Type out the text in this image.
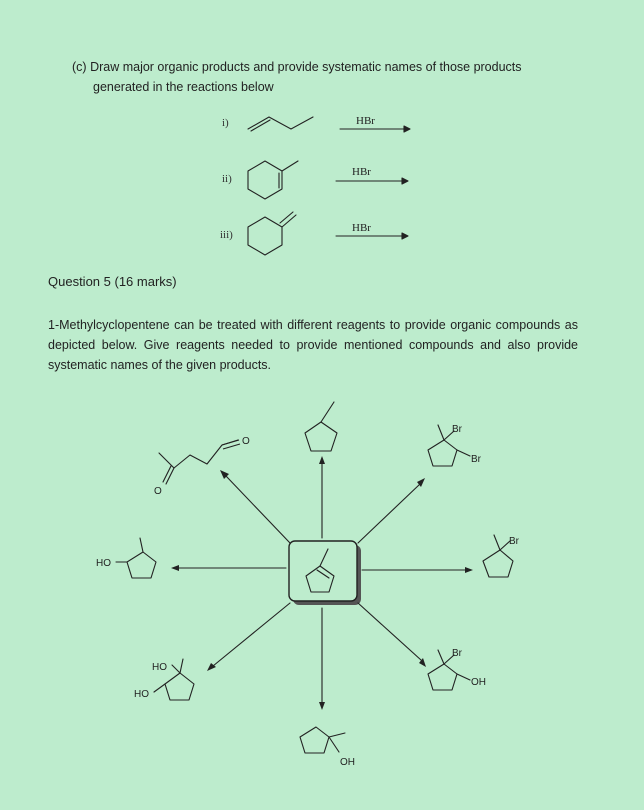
(c) Draw major organic products and provide systematic names of those products
generated in the reactions below
i)
ii)
iii)
HBr
HBr
HBr
Question 5 (16 marks)
1-Methylcyclopentene can be treated with different reagents to provide organic compounds as depicted below. Give reagents needed to provide mentioned compounds and also provide systematic names of the given products.
O
O
Br
Br
Br
Br
OH
OH
HO
HO
HO
